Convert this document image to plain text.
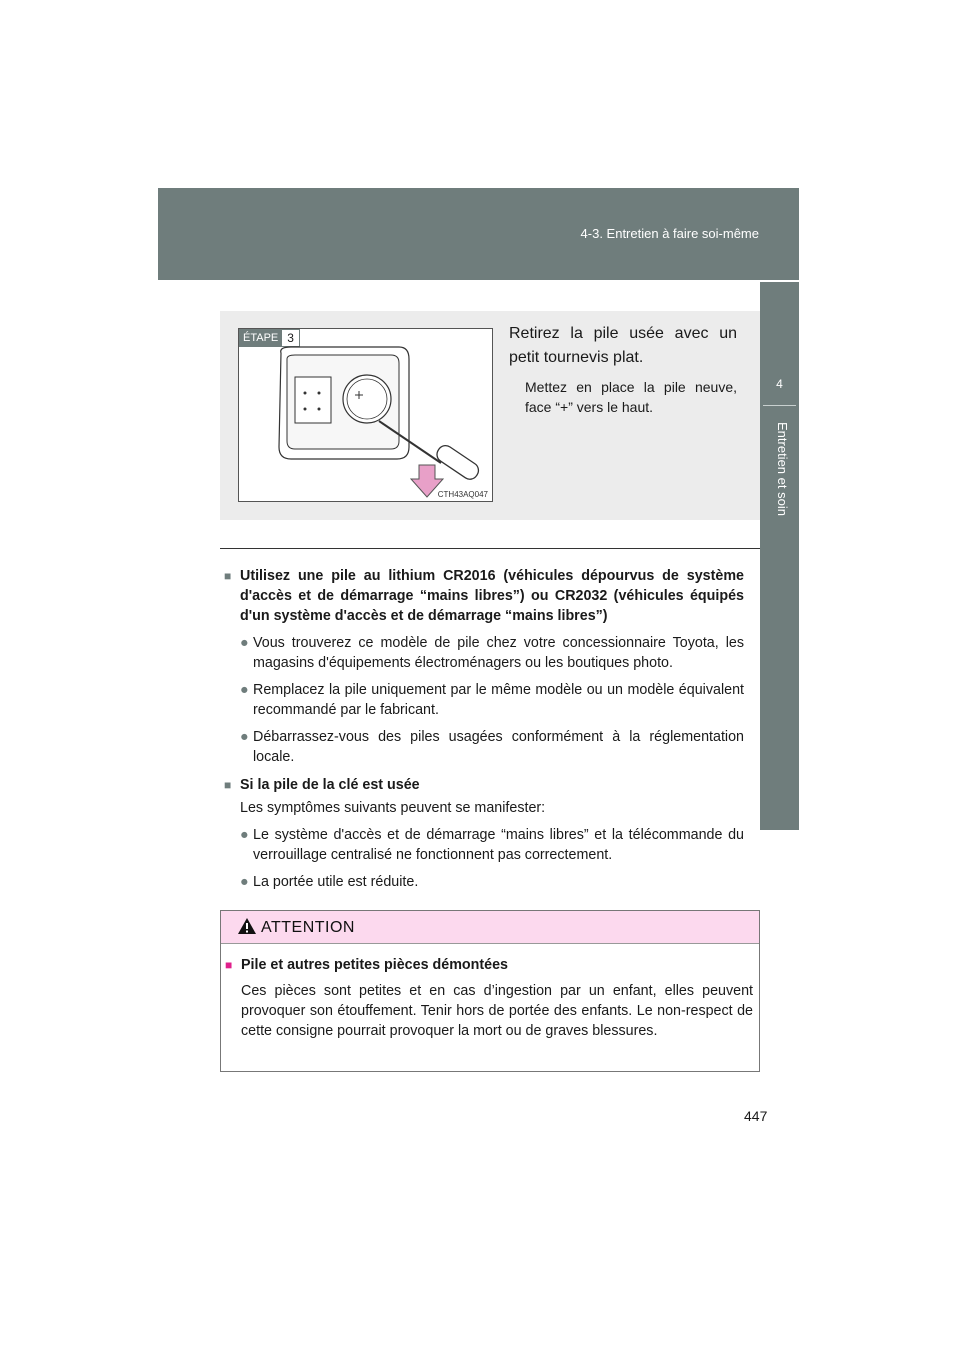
4-3. Entretien à faire soi-même
4
Entretien et soin
ÉTAPE 3
CTH43AQ047
Retirez la pile usée avec un petit tournevis plat.
Mettez en place la pile neuve, face “+” vers le haut.
■ Utilisez une pile au lithium CR2016 (véhicules dépourvus de système d'accès et de démarrage “mains libres”) ou CR2032 (véhicules équipés d'un système d'accès et de démarrage “mains libres”)
● Vous trouverez ce modèle de pile chez votre concessionnaire Toyota, les magasins d'équipements électroménagers ou les boutiques photo.
● Remplacez la pile uniquement par le même modèle ou un modèle équivalent recommandé par le fabricant.
● Débarrassez-vous des piles usagées conformément à la réglementation locale.
■ Si la pile de la clé est usée
Les symptômes suivants peuvent se manifester:
● Le système d'accès et de démarrage “mains libres” et la télécommande du verrouillage centralisé ne fonctionnent pas correctement.
● La portée utile est réduite.
ATTENTION
■ Pile et autres petites pièces démontées
Ces pièces sont petites et en cas d’ingestion par un enfant, elles peuvent provoquer son étouffement. Tenir hors de portée des enfants. Le non-respect de cette consigne pourrait provoquer la mort ou de graves blessures.
447
